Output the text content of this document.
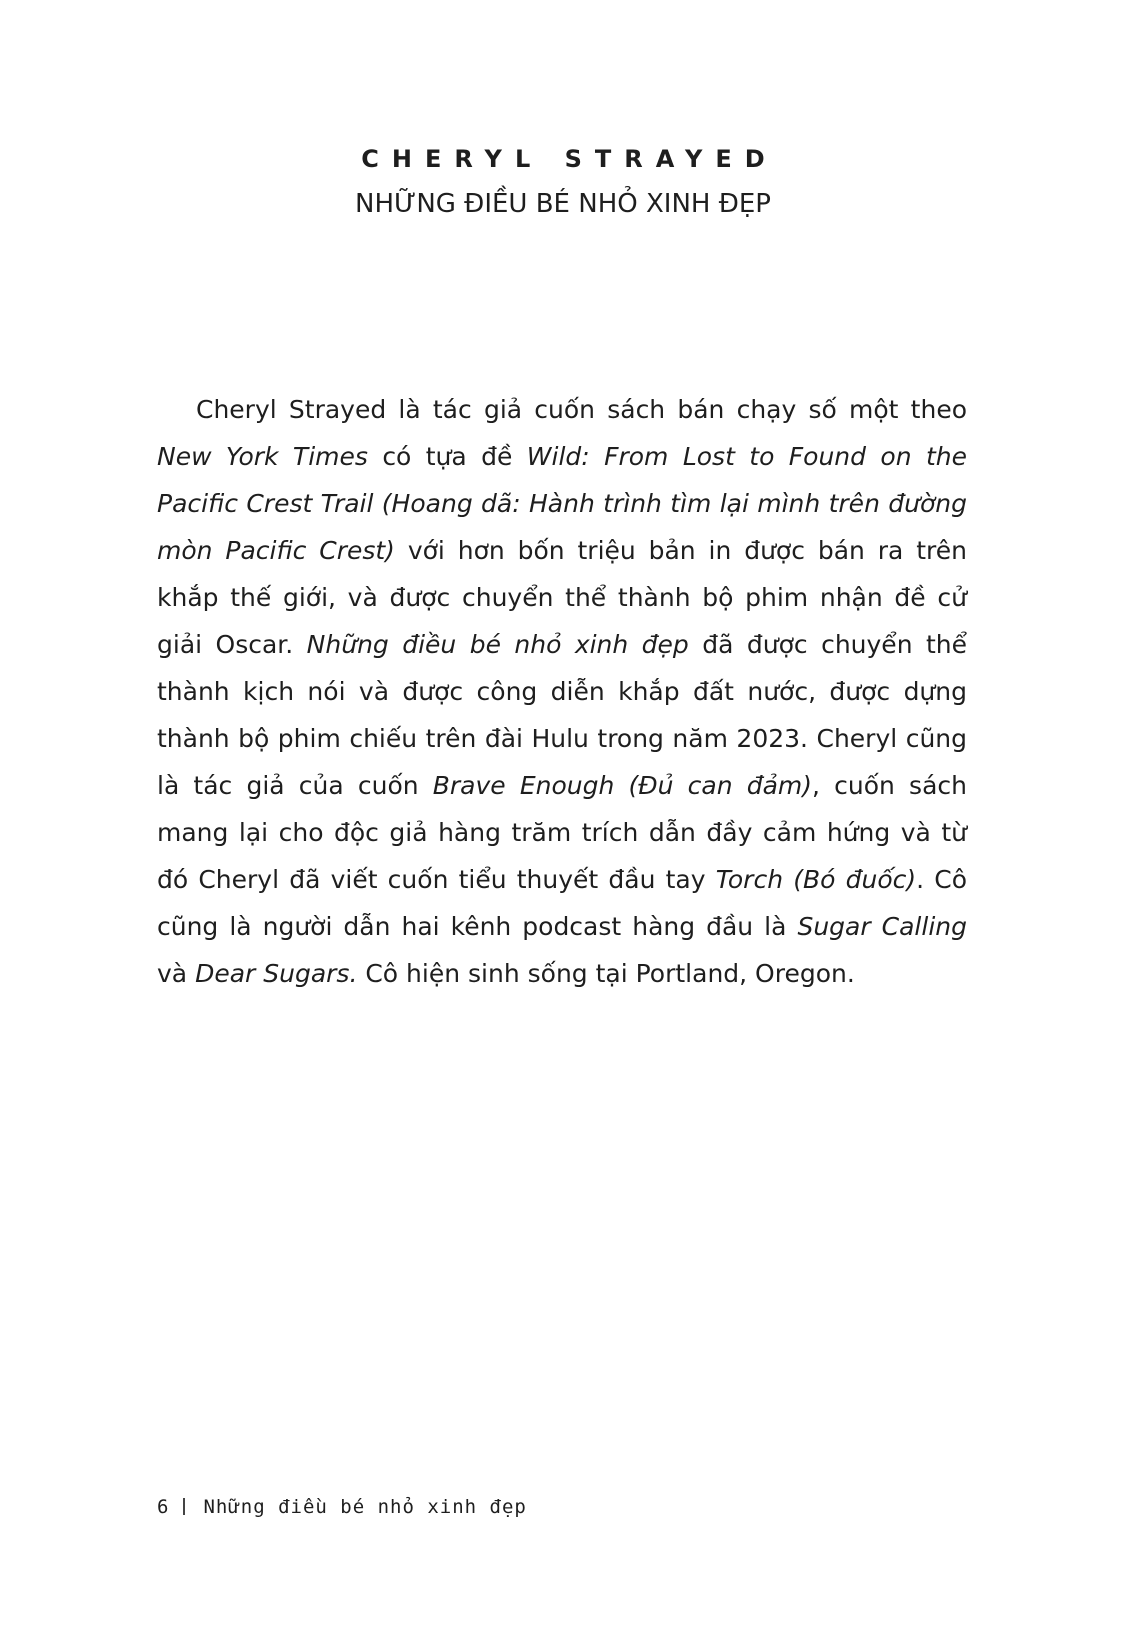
CHERYL STRAYED
NHỮNG ĐIỀU BÉ NHỎ XINH ĐẸP

Cheryl Strayed là tác giả cuốn sách bán chạy số một theo New York Times có tựa đề Wild: From Lost to Found on the Pacific Crest Trail (Hoang dã: Hành trình tìm lại mình trên đường mòn Pacific Crest) với hơn bốn triệu bản in được bán ra trên khắp thế giới, và được chuyển thể thành bộ phim nhận đề cử giải Oscar. Những điều bé nhỏ xinh đẹp đã được chuyển thể thành kịch nói và được công diễn khắp đất nước, được dựng thành bộ phim chiếu trên đài Hulu trong năm 2023. Cheryl cũng là tác giả của cuốn Brave Enough (Đủ can đảm), cuốn sách mang lại cho độc giả hàng trăm trích dẫn đầy cảm hứng và từ đó Cheryl đã viết cuốn tiểu thuyết đầu tay Torch (Bó đuốc). Cô cũng là người dẫn hai kênh podcast hàng đầu là Sugar Calling và Dear Sugars. Cô hiện sinh sống tại Portland, Oregon.

6 Những điều bé nhỏ xinh đẹp
